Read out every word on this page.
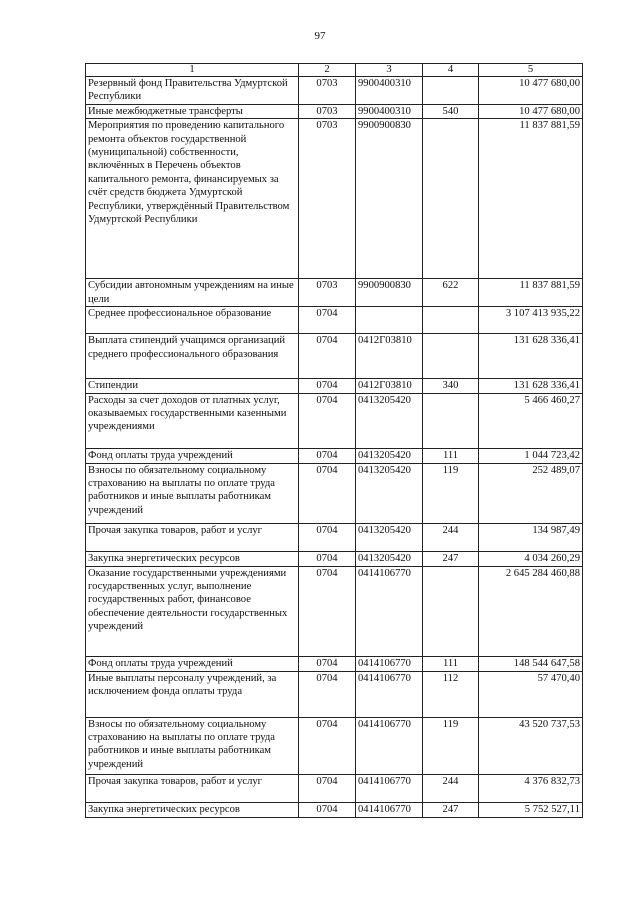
97
1	2	3	4	5
Резервный фонд Правительства Удмуртской Республики	0703	9900400310		10 477 680,00
Иные межбюджетные трансферты	0703	9900400310	540	10 477 680,00
Мероприятия по проведению капитального ремонта объектов государственной (муниципальной) собственности, включённых в Перечень объектов капитального ремонта, финансируемых за счёт средств бюджета Удмуртской Республики, утверждённый Правительством Удмуртской Республики	0703	9900900830		11 837 881,59
Субсидии автономным учреждениям на иные цели	0703	9900900830	622	11 837 881,59
Среднее профессиональное образование	0704			3 107 413 935,22
Выплата стипендий учащимся организаций среднего профессионального образования	0704	0412Г03810		131 628 336,41
Стипендии	0704	0412Г03810	340	131 628 336,41
Расходы за счет доходов от платных услуг, оказываемых государственными казенными учреждениями	0704	0413205420		5 466 460,27
Фонд оплаты труда учреждений	0704	0413205420	111	1 044 723,42
Взносы по обязательному социальному страхованию на выплаты по оплате труда работников и иные выплаты работникам учреждений	0704	0413205420	119	252 489,07
Прочая закупка товаров, работ и услуг	0704	0413205420	244	134 987,49
Закупка энергетических ресурсов	0704	0413205420	247	4 034 260,29
Оказание государственными учреждениями государственных услуг, выполнение государственных работ, финансовое обеспечение деятельности государственных учреждений	0704	0414106770		2 645 284 460,88
Фонд оплаты труда учреждений	0704	0414106770	111	148 544 647,58
Иные выплаты персоналу учреждений, за исключением фонда оплаты труда	0704	0414106770	112	57 470,40
Взносы по обязательному социальному страхованию на выплаты по оплате труда работников и иные выплаты работникам учреждений	0704	0414106770	119	43 520 737,53
Прочая закупка товаров, работ и услуг	0704	0414106770	244	4 376 832,73
Закупка энергетических ресурсов	0704	0414106770	247	5 752 527,11
